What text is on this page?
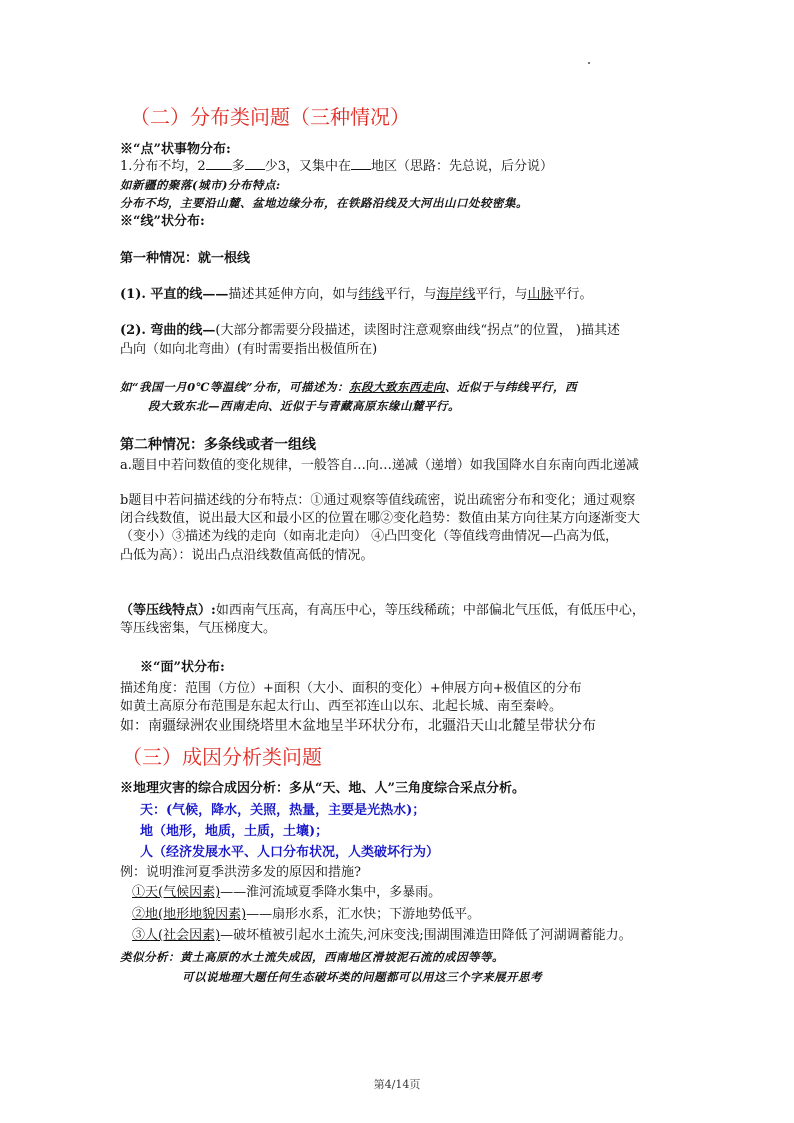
（二）分布类问题（三种情况）
※“点”状事物分布:
1.分布不均，2 多 少3，又集中在 地区（思路：先总说，后分说）
如新疆的聚落(城市)分布特点:
分布不均，主要沿山麓、盆地边缘分布，在铁路沿线及大河出山口处较密集。
※“线”状分布:
第一种情况：就一根线
(1). 平直的线——描述其延伸方向，如与纬线平行，与海岸线平行，与山脉平行。
(2). 弯曲的线—(大部分都需要分段描述，读图时注意观察曲线“拐点”的位置， )描其述
凸向（如向北弯曲）(有时需要指出极值所在)
如“我国一月0℃等温线”分布，可描述为：东段大致东西走向、近似于与纬线平行，西
段大致东北—西南走向、近似于与青藏高原东缘山麓平行。
第二种情况：多条线或者一组线
a.题目中若问数值的变化规律，一般答自…向…递减（递增）如我国降水自东南向西北递减
b题目中若问描述线的分布特点：①通过观察等值线疏密，说出疏密分布和变化；通过观察
闭合线数值，说出最大区和最小区的位置在哪②变化趋势：数值由某方向往某方向逐渐变大
（变小）③描述为线的走向（如南北走向） ④凸凹变化（等值线弯曲情况—凸高为低，
凸低为高）：说出凸点沿线数值高低的情况。
（等压线特点）:如西南气压高，有高压中心，等压线稀疏；中部偏北气压低，有低压中心，
等压线密集，气压梯度大。
※“面”状分布:
描述角度：范围（方位）+面积（大小、面积的变化）+伸展方向+极值区的分布
如黄土高原分布范围是东起太行山、西至祁连山以东、北起长城、南至秦岭。
如：南疆绿洲农业围绕塔里木盆地呈半环状分布，北疆沿天山北麓呈带状分布
（三）成因分析类问题
※地理灾害的综合成因分析：多从“天、地、人”三角度综合采点分析。
天：(气候，降水，关照，热量，主要是光热水)；
地（地形，地质，土质，土壤)；
人（经济发展水平、人口分布状况，人类破坏行为）
例：说明淮河夏季洪涝多发的原因和措施?
①天(气候因素)——淮河流域夏季降水集中，多暴雨。
②地(地形地貌因素)——扇形水系，汇水快；下游地势低平。
③人(社会因素)—破坏植被引起水土流失,河床变浅;围湖围滩造田降低了河湖调蓄能力。
类似分析：黄土高原的水土流失成因，西南地区滑坡泥石流的成因等等。
可以说地理大题任何生态破坏类的问题都可以用这三个字来展开思考
第4/14页
